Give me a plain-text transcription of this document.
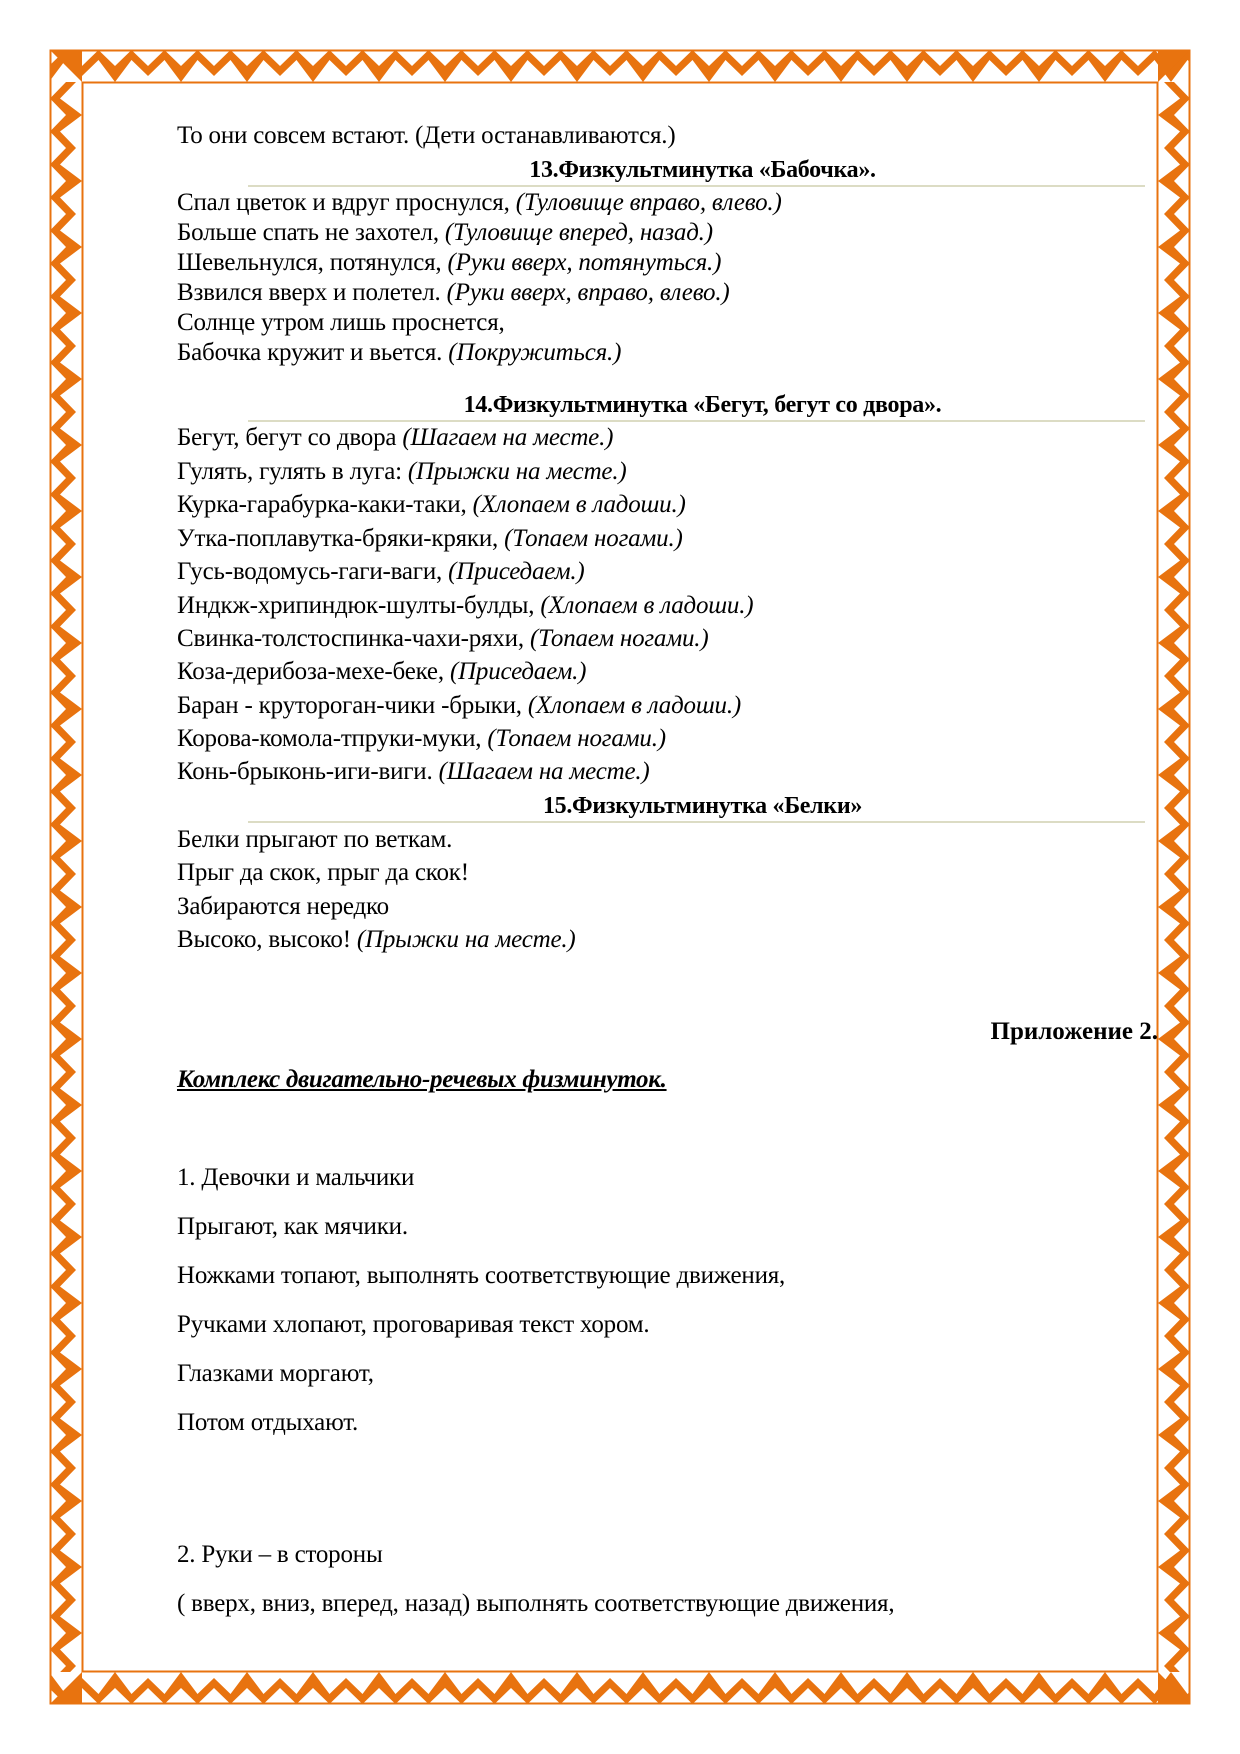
То они совсем встают. (Дети останавливаются.)
13.Физкультминутка «Бабочка».
Спал цветок и вдруг проснулся, (Туловище вправо, влево.)
Больше спать не захотел, (Туловище вперед, назад.)
Шевельнулся, потянулся, (Руки вверх, потянуться.)
Взвился вверх и полетел. (Руки вверх, вправо, влево.)
Солнце утром лишь проснется,
Бабочка кружит и вьется. (Покружиться.)
14.Физкультминутка «Бегут, бегут со двора».
Бегут, бегут со двора (Шагаем на месте.)
Гулять, гулять в луга: (Прыжки на месте.)
Курка-гарабурка-каки-таки, (Хлопаем в ладоши.)
Утка-поплавутка-бряки-кряки, (Топаем ногами.)
Гусь-водомусь-гаги-ваги, (Приседаем.)
Индкж-хрипиндюк-шулты-булды, (Хлопаем в ладоши.)
Свинка-толстоспинка-чахи-ряхи, (Топаем ногами.)
Коза-дерибоза-мехе-беке, (Приседаем.)
Баран - крутороган-чики -брыки, (Хлопаем в ладоши.)
Корова-комола-тпруки-муки, (Топаем ногами.)
Конь-брыконь-иги-виги. (Шагаем на месте.)
15.Физкультминутка «Белки»
Белки прыгают по веткам.
Прыг да скок, прыг да скок!
Забираются нередко
Высоко, высоко! (Прыжки на месте.)
Приложение 2.
Комплекс двигательно-речевых физминуток.
1. Девочки и мальчики
Прыгают, как мячики.
Ножками топают, выполнять соответствующие движения,
Ручками хлопают, проговаривая текст хором.
Глазками моргают,
Потом отдыхают.
2. Руки – в стороны
( вверх, вниз, вперед, назад) выполнять соответствующие движения,
